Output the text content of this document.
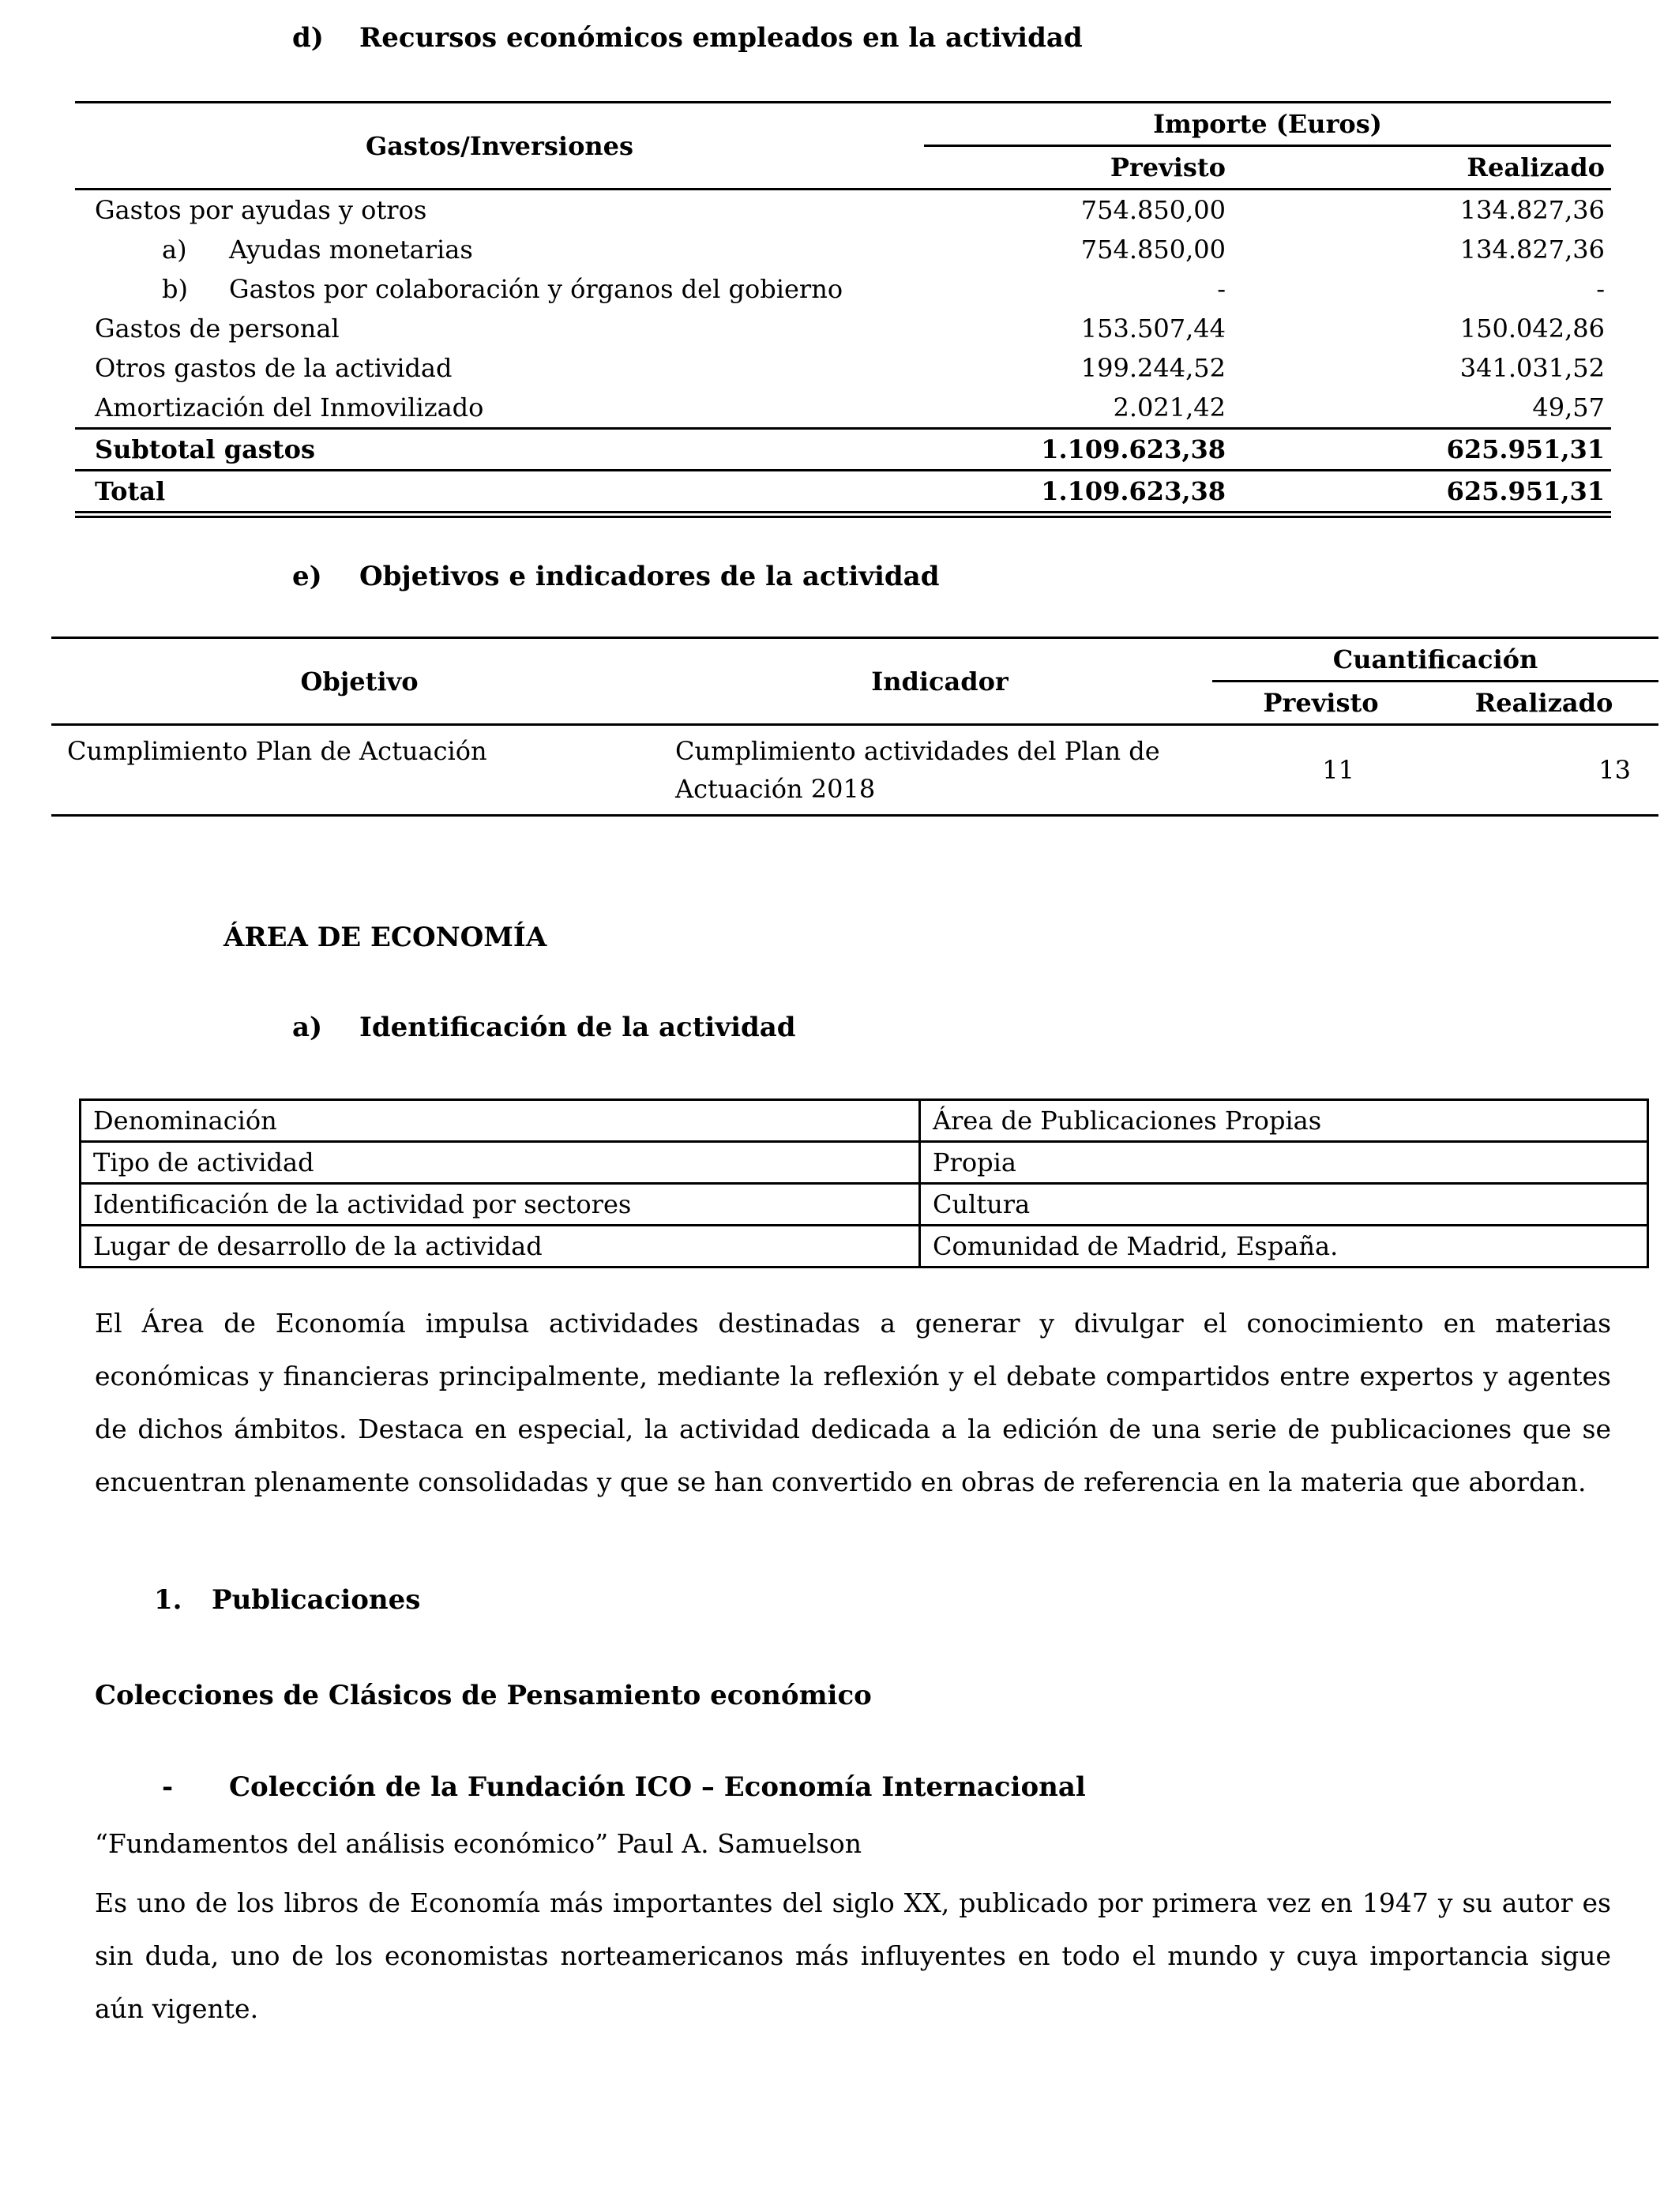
d) Recursos económicos empleados en la actividad
Gastos/Inversiones	Importe (Euros)	
	Previsto	Realizado
Gastos por ayudas y otros	754.850,00	134.827,36
a) Ayudas monetarias	754.850,00	134.827,36
b) Gastos por colaboración y órganos del gobierno	-	-
Gastos de personal	153.507,44	150.042,86
Otros gastos de la actividad	199.244,52	341.031,52
Amortización del Inmovilizado	2.021,42	49,57
Subtotal gastos	1.109.623,38	625.951,31
Total	1.109.623,38	625.951,31
e) Objetivos e indicadores de la actividad
Objetivo	Indicador	Cuantificación	
		Previsto	Realizado
Cumplimiento Plan de Actuación	Cumplimiento actividades del Plan de Actuación 2018	11	13
ÁREA DE ECONOMÍA
a) Identificación de la actividad
Denominación	Área de Publicaciones Propias
Tipo de actividad	Propia
Identificación de la actividad por sectores	Cultura
Lugar de desarrollo de la actividad	Comunidad de Madrid, España.

El Área de Economía impulsa actividades destinadas a generar y divulgar el conocimiento en materias económicas y financieras principalmente, mediante la reflexión y el debate compartidos entre expertos y agentes de dichos ámbitos. Destaca en especial, la actividad dedicada a la edición de una serie de publicaciones que se encuentran plenamente consolidadas y que se han convertido en obras de referencia en la materia que abordan.

1. Publicaciones
Colecciones de Clásicos de Pensamiento económico
- Colección de la Fundación ICO – Economía Internacional

“Fundamentos del análisis económico” Paul A. Samuelson

Es uno de los libros de Economía más importantes del siglo XX, publicado por primera vez en 1947 y su autor es sin duda, uno de los economistas norteamericanos más influyentes en todo el mundo y cuya importancia sigue aún vigente.
